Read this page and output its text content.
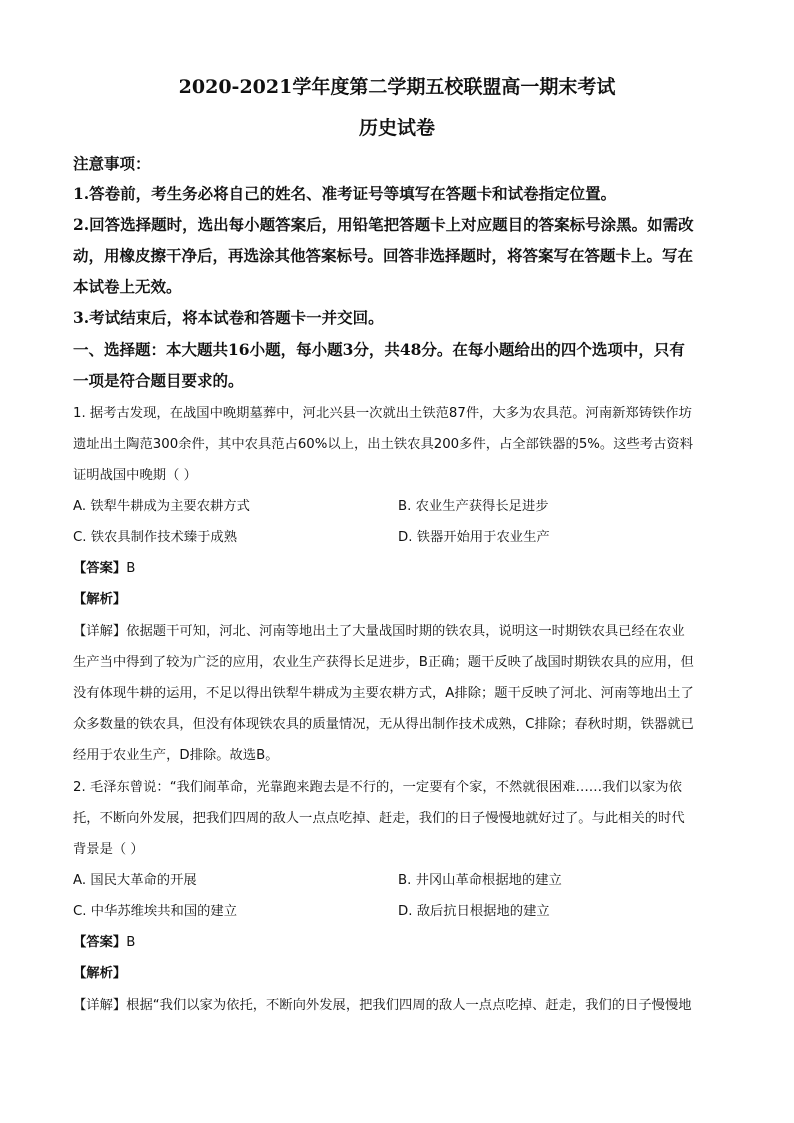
2020-2021学年度第二学期五校联盟高一期末考试
历史试卷
注意事项：
1.答卷前，考生务必将自己的姓名、准考证号等填写在答题卡和试卷指定位置。
2.回答选择题时，选出每小题答案后，用铅笔把答题卡上对应题目的答案标号涂黑。如需改
动，用橡皮擦干净后，再选涂其他答案标号。回答非选择题时，将答案写在答题卡上。写在
本试卷上无效。
3.考试结束后，将本试卷和答题卡一并交回。
一、选择题：本大题共16小题，每小题3分，共48分。在每小题给出的四个选项中，只有
一项是符合题目要求的。
1. 据考古发现，在战国中晚期墓葬中，河北兴县一次就出土铁范87件，大多为农具范。河南新郑铸铁作坊
遗址出土陶范300余件，其中农具范占60%以上，出土铁农具200多件，占全部铁器的5%。这些考古资料
证明战国中晚期（ ）
A. 铁犁牛耕成为主要农耕方式	B. 农业生产获得长足进步
C. 铁农具制作技术臻于成熟	D. 铁器开始用于农业生产
【答案】B
【解析】
【详解】依据题干可知，河北、河南等地出土了大量战国时期的铁农具，说明这一时期铁农具已经在农业
生产当中得到了较为广泛的应用，农业生产获得长足进步，B正确；题干反映了战国时期铁农具的应用，但
没有体现牛耕的运用，不足以得出铁犁牛耕成为主要农耕方式，A排除；题干反映了河北、河南等地出土了
众多数量的铁农具，但没有体现铁农具的质量情况，无从得出制作技术成熟，C排除；春秋时期，铁器就已
经用于农业生产，D排除。故选B。
2. 毛泽东曾说：“我们闹革命，光靠跑来跑去是不行的，一定要有个家，不然就很困难……我们以家为依
托，不断向外发展，把我们四周的敌人一点点吃掉、赶走，我们的日子慢慢地就好过了。与此相关的时代
背景是（ ）
A. 国民大革命的开展	B. 井冈山革命根据地的建立
C. 中华苏维埃共和国的建立	D. 敌后抗日根据地的建立
【答案】B
【解析】
【详解】根据“我们以家为依托，不断向外发展，把我们四周的敌人一点点吃掉、赶走，我们的日子慢慢地
